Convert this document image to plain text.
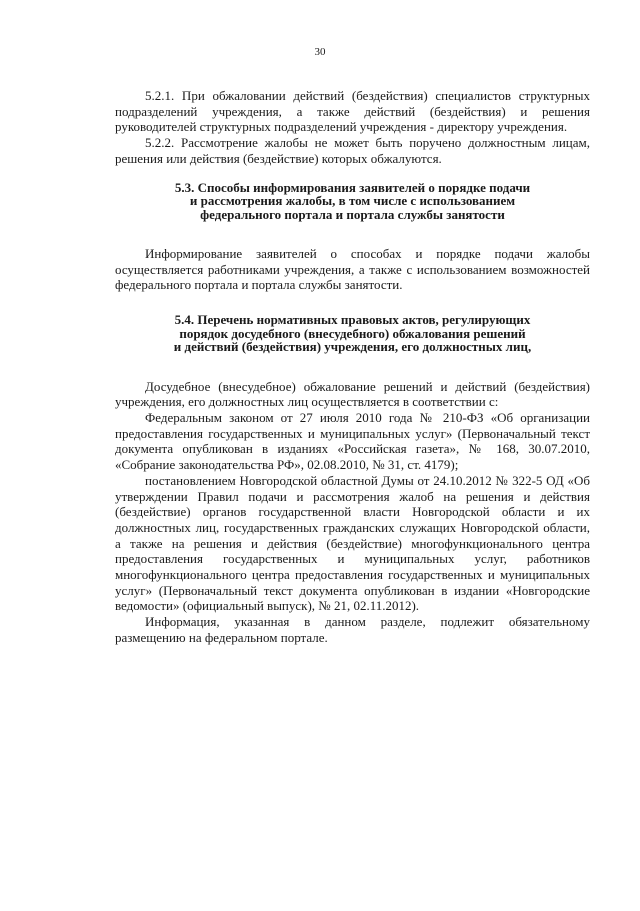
30

5.2.1. При обжаловании действий (бездействия) специалистов структурных подразделений учреждения, а также действий (бездействия) и решения руководителей структурных подразделений учреждения - директору учреждения.

5.2.2. Рассмотрение жалобы не может быть поручено должностным лицам, решения или действия (бездействие) которых обжалуются.

5.3. Способы информирования заявителей о порядке подачи
и рассмотрения жалобы, в том числе с использованием
федерального портала и портала службы занятости

Информирование заявителей о способах и порядке подачи жалобы осуществляется работниками учреждения, а также с использованием возможностей федерального портала и портала службы занятости.

5.4. Перечень нормативных правовых актов, регулирующих
порядок досудебного (внесудебного) обжалования решений
и действий (бездействия) учреждения, его должностных лиц,

Досудебное (внесудебное) обжалование решений и действий (бездействия) учреждения, его должностных лиц осуществляется в соответствии с:

Федеральным законом от 27 июля 2010 года № 210-ФЗ «Об организации предоставления государственных и муниципальных услуг» (Первоначальный текст документа опубликован в изданиях «Российская газета», № 168, 30.07.2010, «Собрание законодательства РФ», 02.08.2010, № 31, ст. 4179);

постановлением Новгородской областной Думы от 24.10.2012 № 322-5 ОД «Об утверждении Правил подачи и рассмотрения жалоб на решения и действия (бездействие) органов государственной власти Новгородской области и их должностных лиц, государственных гражданских служащих Новгородской области, а также на решения и действия (бездействие) многофункционального центра предоставления государственных и муниципальных услуг, работников многофункционального центра предоставления государственных и муниципальных услуг» (Первоначальный текст документа опубликован в издании «Новгородские ведомости» (официальный выпуск), № 21, 02.11.2012).

Информация, указанная в данном разделе, подлежит обязательному размещению на федеральном портале.
